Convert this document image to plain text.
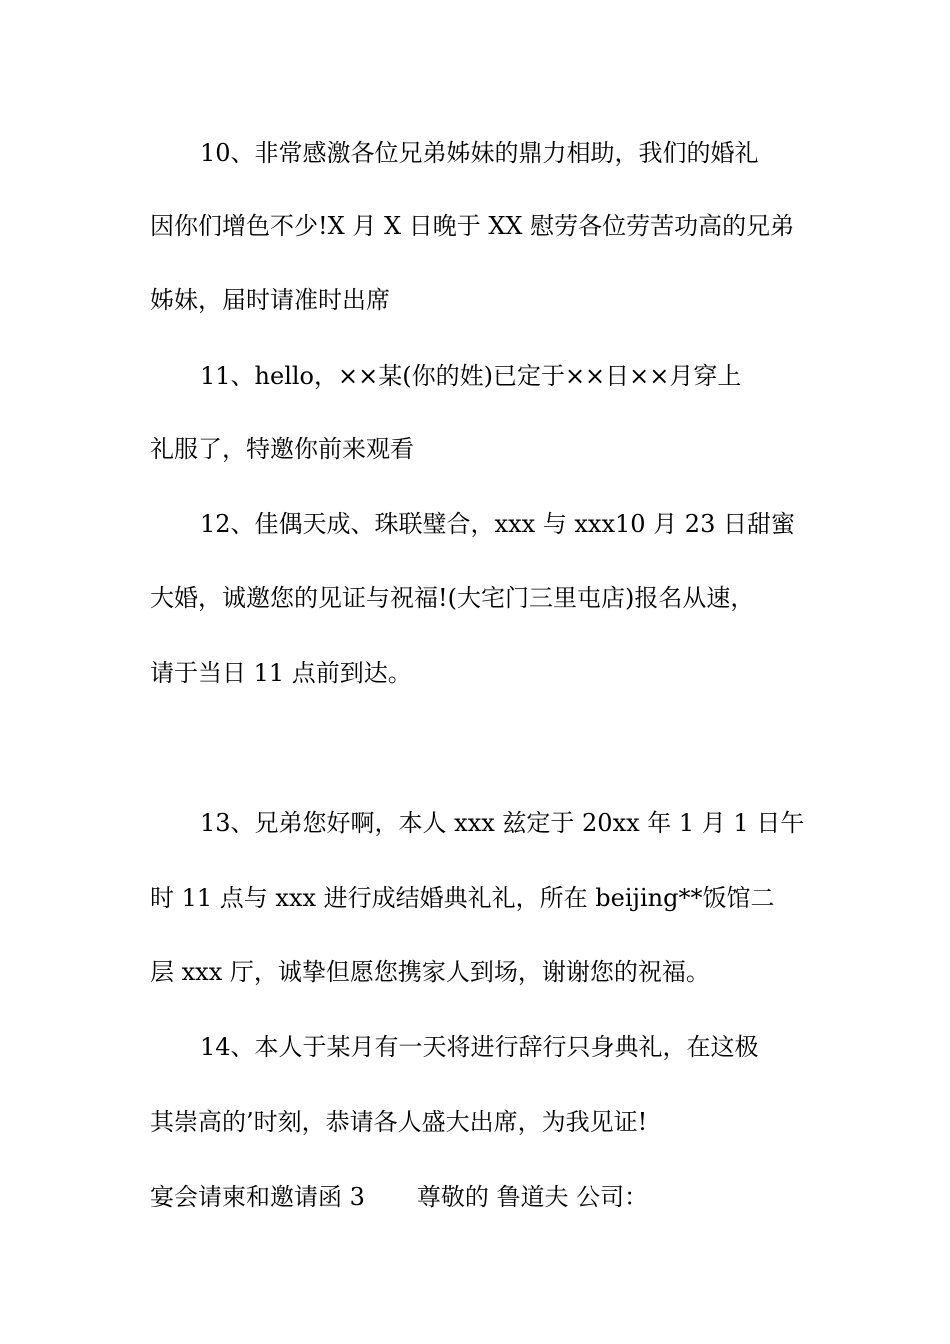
10、非常感激各位兄弟姊妹的鼎力相助，我们的婚礼
因你们增色不少!X 月 X 日晚于 XX 慰劳各位劳苦功高的兄弟
姊妹，届时请准时出席
11、hello，××某(你的姓)已定于××日××月穿上
礼服了，特邀你前来观看
12、佳偶天成、珠联璧合，xxx 与 xxx10 月 23 日甜蜜
大婚，诚邀您的见证与祝福!(大宅门三里屯店)报名从速，
请于当日 11 点前到达。
13、兄弟您好啊，本人 xxx 兹定于 20xx 年 1 月 1 日午
时 11 点与 xxx 进行成结婚典礼礼，所在 beijing**饭馆二
层 xxx 厅，诚挚但愿您携家人到场，谢谢您的祝福。
14、本人于某月有一天将进行辞行只身典礼，在这极
其崇高的’时刻，恭请各人盛大出席，为我见证!
宴会请柬和邀请函 3 尊敬的 鲁道夫 公司：
